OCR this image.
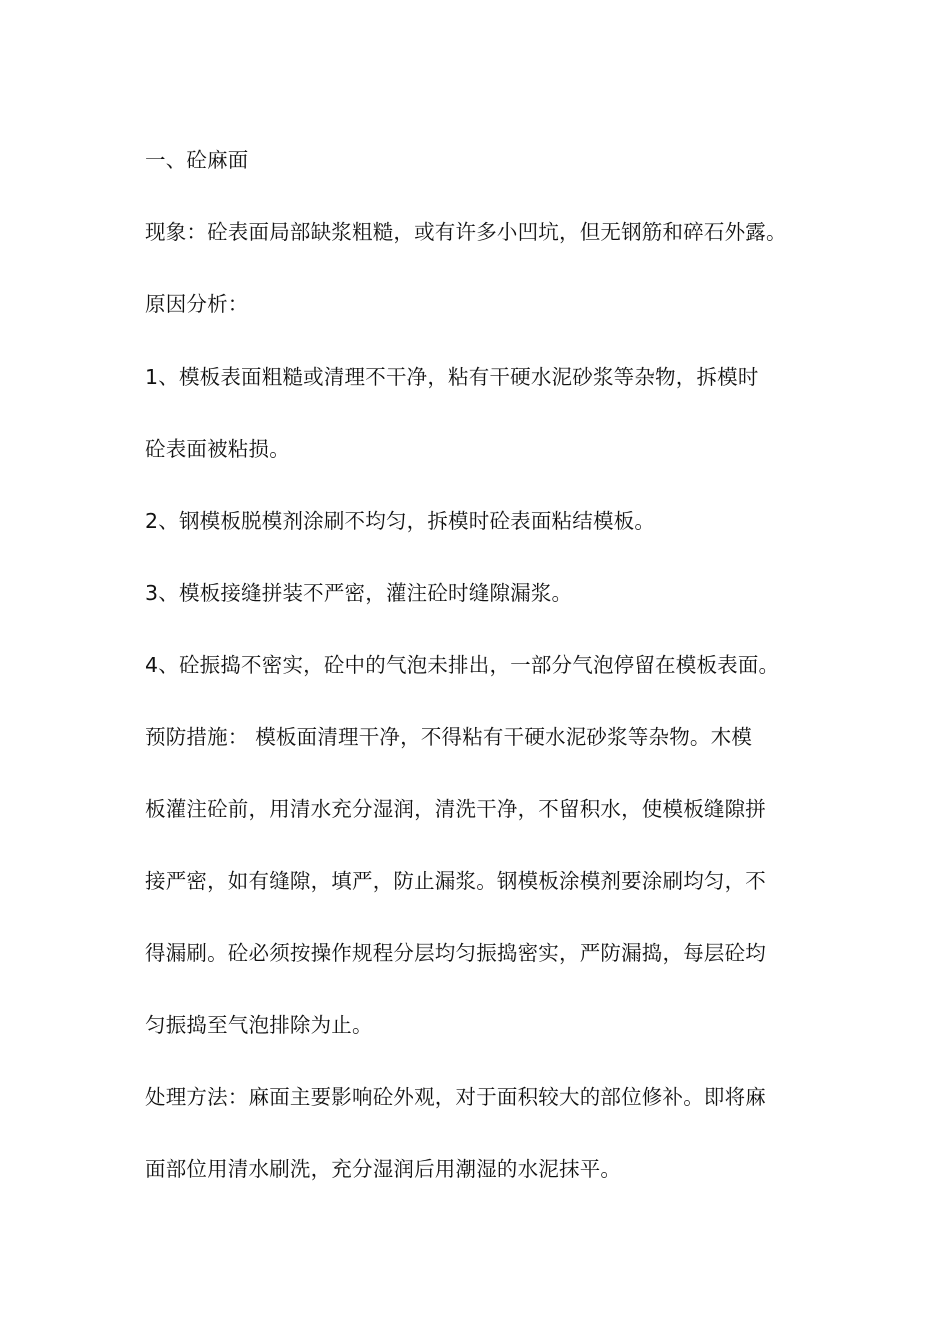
一、砼麻面
现象：砼表面局部缺浆粗糙，或有许多小凹坑，但无钢筋和碎石外露。
原因分析：
1、模板表面粗糙或清理不干净，粘有干硬水泥砂浆等杂物，拆模时
砼表面被粘损。
2、钢模板脱模剂涂刷不均匀，拆模时砼表面粘结模板。
3、模板接缝拼装不严密，灌注砼时缝隙漏浆。
4、砼振捣不密实，砼中的气泡未排出，一部分气泡停留在模板表面。
预防措施： 模板面清理干净，不得粘有干硬水泥砂浆等杂物。木模
板灌注砼前，用清水充分湿润，清洗干净，不留积水，使模板缝隙拼
接严密，如有缝隙，填严，防止漏浆。钢模板涂模剂要涂刷均匀，不
得漏刷。砼必须按操作规程分层均匀振捣密实，严防漏捣，每层砼均
匀振捣至气泡排除为止。
处理方法：麻面主要影响砼外观，对于面积较大的部位修补。即将麻
面部位用清水刷洗，充分湿润后用潮湿的水泥抹平。
